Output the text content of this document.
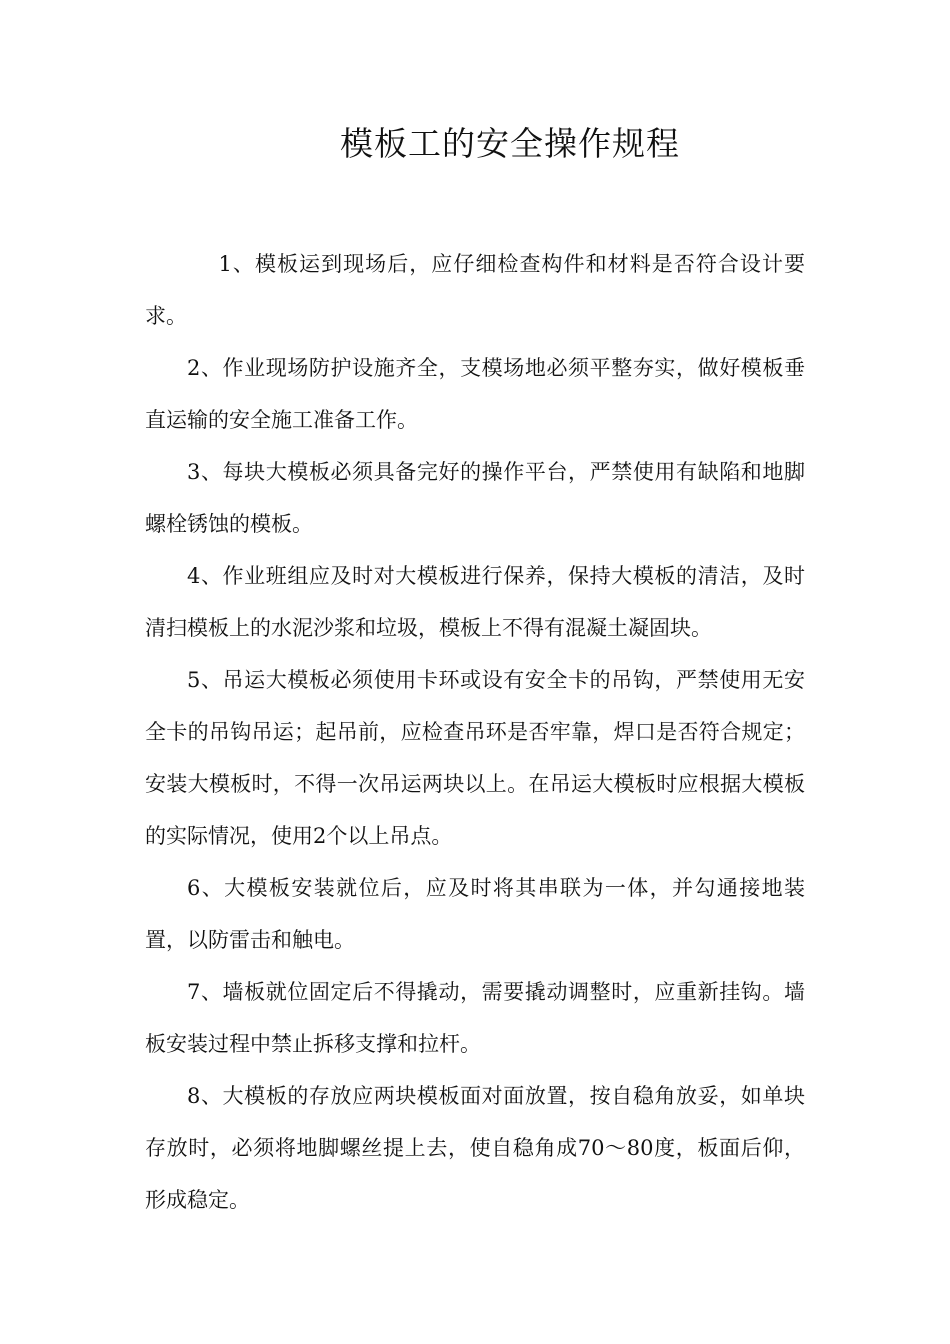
模板工的安全操作规程

1、模板运到现场后，应仔细检查构件和材料是否符合设计要求。

2、作业现场防护设施齐全，支模场地必须平整夯实，做好模板垂直运输的安全施工准备工作。

3、每块大模板必须具备完好的操作平台，严禁使用有缺陷和地脚螺栓锈蚀的模板。

4、作业班组应及时对大模板进行保养，保持大模板的清洁，及时清扫模板上的水泥沙浆和垃圾，模板上不得有混凝土凝固块。

5、吊运大模板必须使用卡环或设有安全卡的吊钩，严禁使用无安全卡的吊钩吊运；起吊前，应检查吊环是否牢靠，焊口是否符合规定；安装大模板时，不得一次吊运两块以上。在吊运大模板时应根据大模板的实际情况，使用2个以上吊点。

6、大模板安装就位后，应及时将其串联为一体，并勾通接地装置，以防雷击和触电。

7、墙板就位固定后不得撬动，需要撬动调整时，应重新挂钩。墙板安装过程中禁止拆移支撑和拉杆。

8、大模板的存放应两块模板面对面放置，按自稳角放妥，如单块存放时，必须将地脚螺丝提上去，使自稳角成70～80度，板面后仰，形成稳定。
